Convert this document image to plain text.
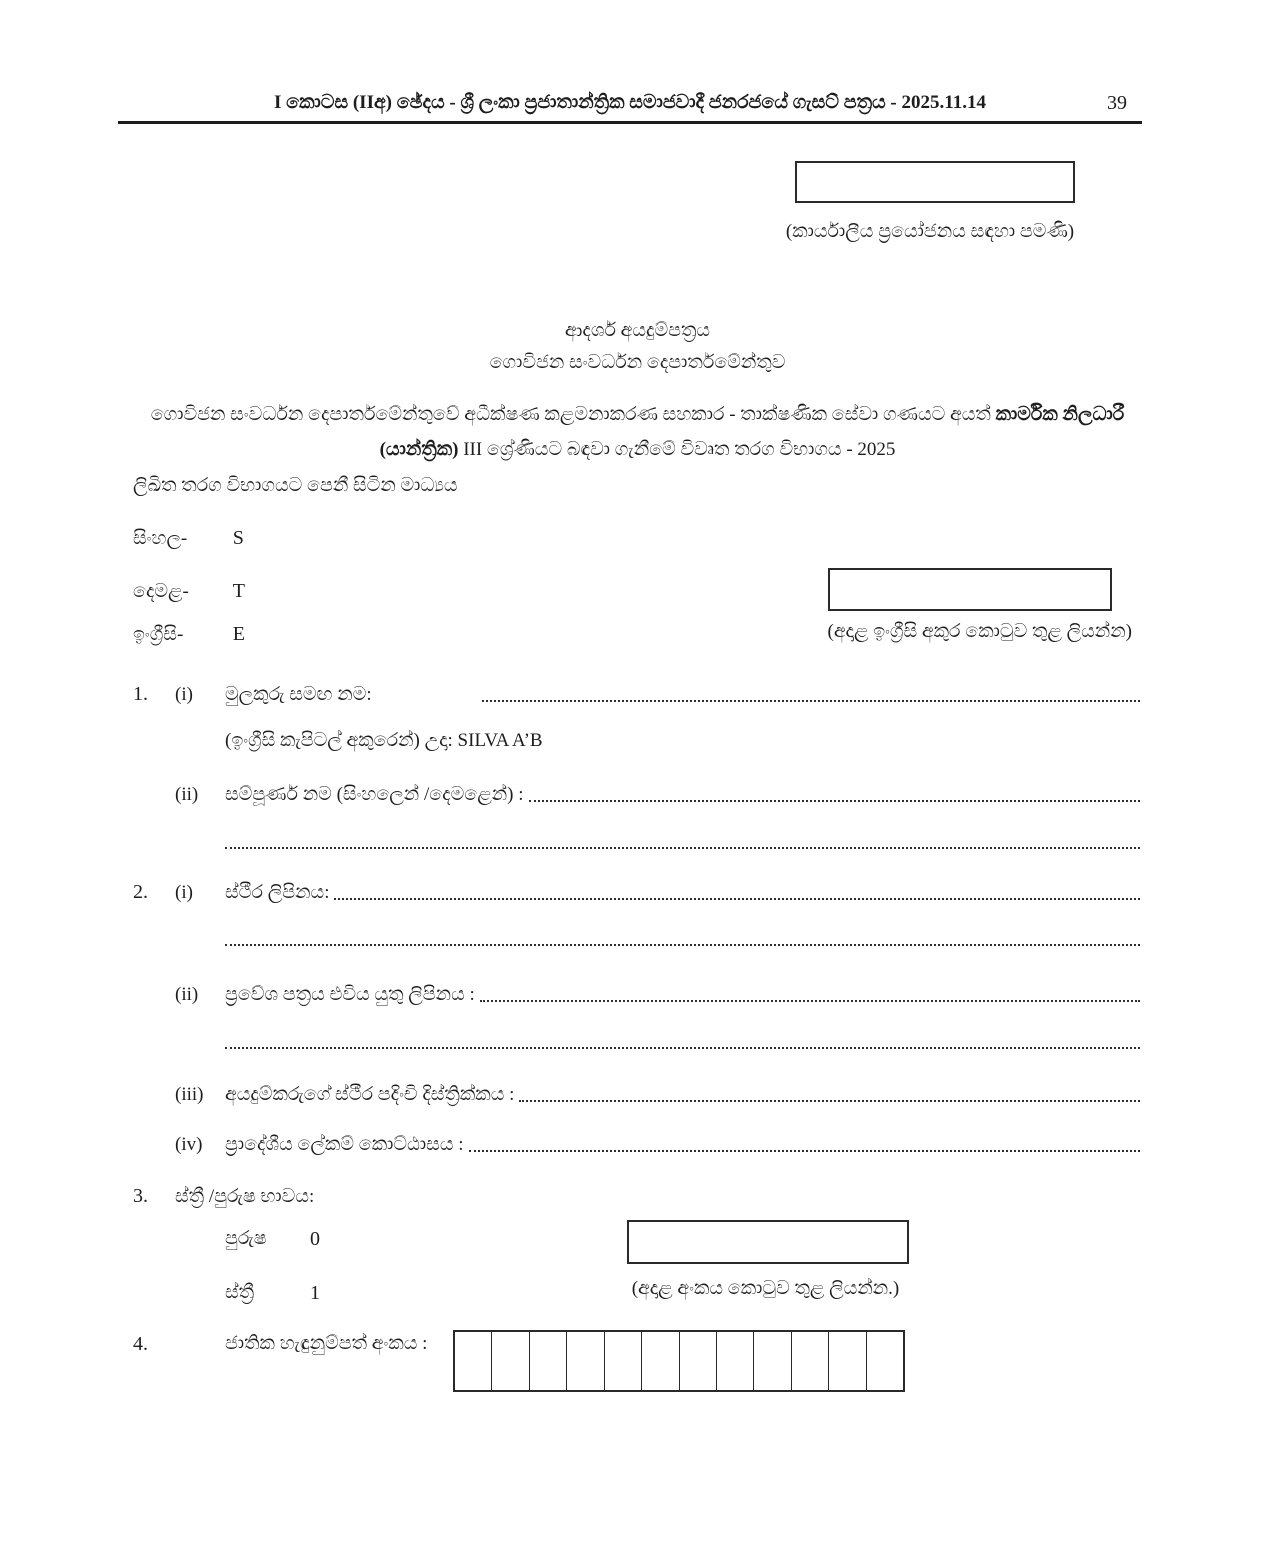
I කොටස (IIඅ) ඡේදය - ශ්‍රී ලංකා ප්‍රජාතාන්ත්‍රික සමාජවාදී ජනරජයේ ගැසට් පත්‍රය - 2025.11.14	39
(කාර්යාලීය ප්‍රයෝජනය සඳහා පමණි)
ආදර්ශ අයදුම්පත්‍රය
ගොවිජන සංවර්ධන දෙපාර්තමේන්තුව
ගොවිජන සංවර්ධන දෙපාර්තමේන්තුවේ අධීක්ෂණ කළමනාකරණ සහකාර - තාක්ෂණික සේවා ගණයට අයත් කාර්මික නිලධාරී
(යාන්ත්‍රික) III ශ්‍රේණියට බඳවා ගැනීමේ විවෘත තරග විභාගය - 2025
ලිඛිත තරග විභාගයට පෙනී සිටින මාධ්‍යය
සිංහල- S
දෙමළ- T
ඉංග්‍රීසි- E	(අදාළ ඉංග්‍රීසි අකුර කොටුව තුළ ලියන්න)
1.	(i)	මුලකුරු සමඟ නම:
(ඉංග්‍රීසි කැපිටල් අකුරෙන්) උදා: SILVA A’B
(ii)	සම්පූර්ණ නම (සිංහලෙන් /දෙමළෙන්) :
2.	(i)	ස්ථීර ලිපිනය:
(ii)	ප්‍රවේශ පත්‍රය එවිය යුතු ලිපිනය :
(iii)	අයදුම්කරුගේ ස්ථීර පදිංචි දිස්ත්‍රික්කය :
(iv)	ප්‍රාදේශීය ලේකම් කොට්ඨාසය :
3.	ස්ත්‍රී /පුරුෂ භාවය:
පුරුෂ 0
ස්ත්‍රී	1	(අදාළ අංකය කොටුව තුළ ලියන්න.)
4.	ජාතික හැඳුනුම්පත් අංකය :
